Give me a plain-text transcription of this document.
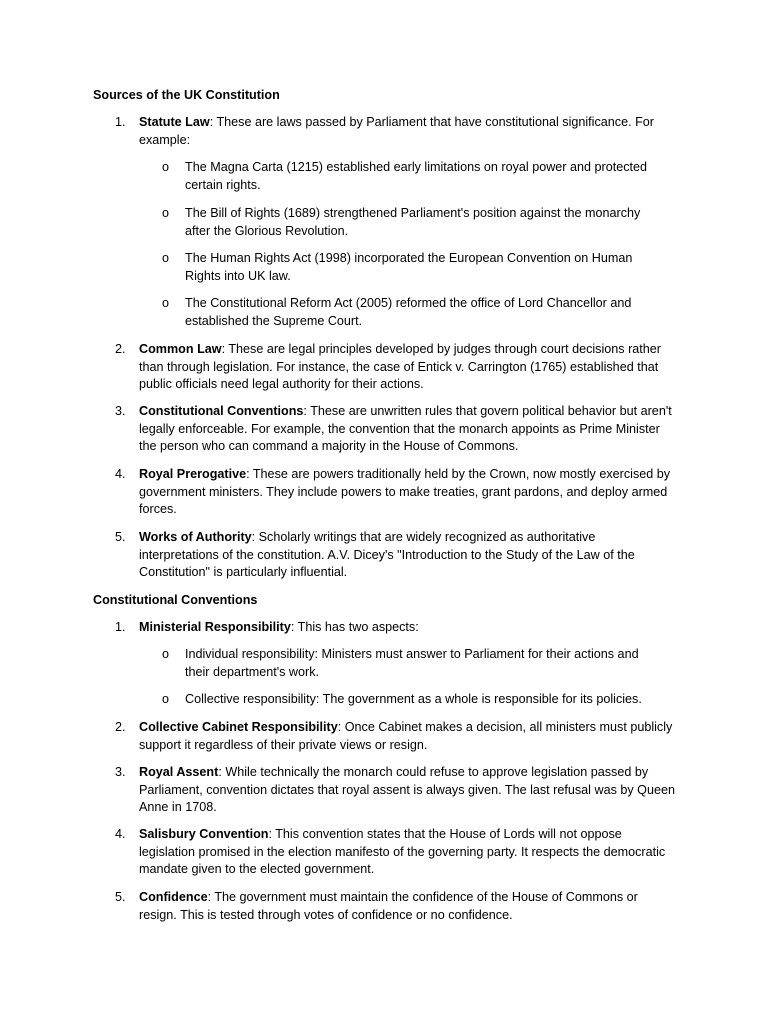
Sources of the UK Constitution
1.	Statute Law: These are laws passed by Parliament that have constitutional significance. For example:
o	The Magna Carta (1215) established early limitations on royal power and protected certain rights.
o	The Bill of Rights (1689) strengthened Parliament's position against the monarchy after the Glorious Revolution.
o	The Human Rights Act (1998) incorporated the European Convention on Human Rights into UK law.
o	The Constitutional Reform Act (2005) reformed the office of Lord Chancellor and established the Supreme Court.
2.	Common Law: These are legal principles developed by judges through court decisions rather than through legislation. For instance, the case of Entick v. Carrington (1765) established that public officials need legal authority for their actions.
3.	Constitutional Conventions: These are unwritten rules that govern political behavior but aren't legally enforceable. For example, the convention that the monarch appoints as Prime Minister the person who can command a majority in the House of Commons.
4.	Royal Prerogative: These are powers traditionally held by the Crown, now mostly exercised by government ministers. They include powers to make treaties, grant pardons, and deploy armed forces.
5.	Works of Authority: Scholarly writings that are widely recognized as authoritative interpretations of the constitution. A.V. Dicey's "Introduction to the Study of the Law of the Constitution" is particularly influential.
Constitutional Conventions
1.	Ministerial Responsibility: This has two aspects:
o	Individual responsibility: Ministers must answer to Parliament for their actions and their department's work.
o	Collective responsibility: The government as a whole is responsible for its policies.
2.	Collective Cabinet Responsibility: Once Cabinet makes a decision, all ministers must publicly support it regardless of their private views or resign.
3.	Royal Assent: While technically the monarch could refuse to approve legislation passed by Parliament, convention dictates that royal assent is always given. The last refusal was by Queen Anne in 1708.
4.	Salisbury Convention: This convention states that the House of Lords will not oppose legislation promised in the election manifesto of the governing party. It respects the democratic mandate given to the elected government.
5.	Confidence: The government must maintain the confidence of the House of Commons or resign. This is tested through votes of confidence or no confidence.
